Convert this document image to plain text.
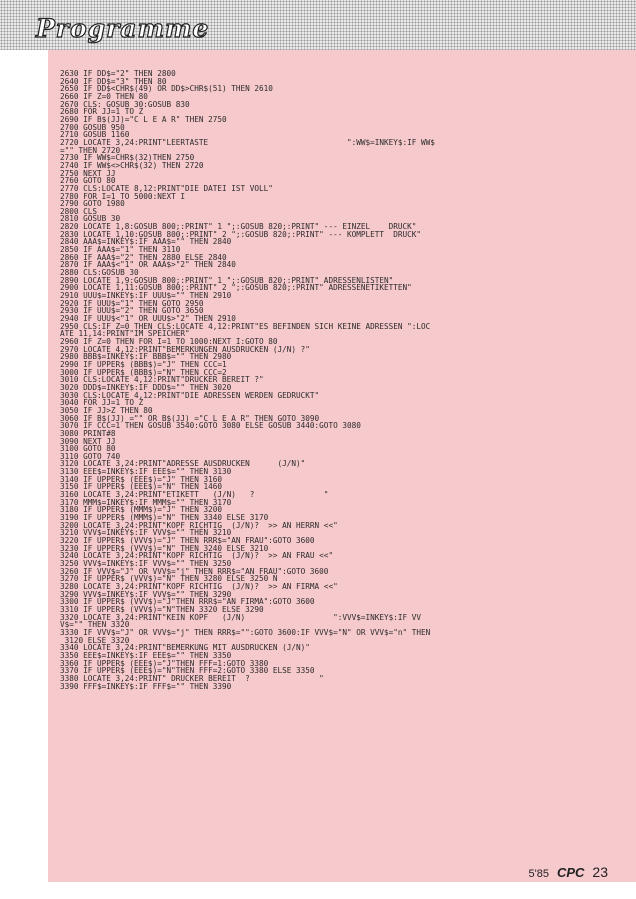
Programme
2630 IF DD$="2" THEN 2800
2640 IF DD$="3" THEN 80
2650 IF DD$<CHR$(49) OR DD$>CHR$(51) THEN 2610
2660 IF Z=0 THEN 80
2670 CLS: GOSUB 30:GOSUB 830
2680 FOR JJ=1 TO Z
2690 IF B$(JJ)="C L E A R" THEN 2750
2700 GOSUB 950
2710 GOSUB 1160
2720 LOCATE 3,24:PRINT"LEERTASTE                              ":WW$=INKEY$:IF WW$
="" THEN 2720
2730 IF WW$=CHR$(32)THEN 2750
2740 IF WW$<>CHR$(32) THEN 2720
2750 NEXT JJ
2760 GOTO 80
2770 CLS:LOCATE 8,12:PRINT"DIE DATEI IST VOLL"
2780 FOR I=1 TO 5000:NEXT I
2790 GOTO 1980
2800 CLS
2810 GOSUB 30
2820 LOCATE 1,8:GOSUB 800;:PRINT" 1 ";:GOSUB 820;:PRINT" --- EINZEL    DRUCK"
2830 LOCATE 1,10:GOSUB 800;:PRINT" 2 ";:GOSUB 820;:PRINT" --- KOMPLETT  DRUCK"
2840 AAA$=INKEY$:IF AAA$="" THEN 2840
2850 IF AAA$="1" THEN 3110
2860 IF AAA$="2" THEN 2880 ELSE 2840
2870 IF AAA$<"1" OR AAA$>"2" THEN 2840
2880 CLS:GOSUB 30
2890 LOCATE 1,9:GOSUB 800;:PRINT" 1 ";:GOSUB 820;:PRINT" ADRESSENLISTEN"
2900 LOCATE 1,11:GOSUB 800;:PRINT" 2 ";:GOSUB 820;:PRINT" ADRESSENETIKETTEN"
2910 UUU$=INKEY$:IF UUU$="" THEN 2910
2920 IF UUU$="1" THEN GOTO 2950
2930 IF UUU$="2" THEN GOTO 3650
2940 IF UUU$<"1" OR UUU$>"2" THEN 2910
2950 CLS:IF Z=0 THEN CLS:LOCATE 4,12:PRINT"ES BEFINDEN SICH KEINE ADRESSEN ":LOC
ATE 11,14:PRINT"IM SPEICHER"
2960 IF Z=0 THEN FOR I=1 TO 1000:NEXT I:GOTO 80
2970 LOCATE 4,12:PRINT"BEMERKUNGEN AUSDRUCKEN (J/N) ?"
2980 BBB$=INKEY$:IF BBB$="" THEN 2980
2990 IF UPPER$ (BBB$)="J" THEN CCC=1
3000 IF UPPER$ (BBB$)="N" THEN CCC=2
3010 CLS:LOCATE 4,12:PRINT"DRUCKER BEREIT ?"
3020 DDD$=INKEY$:IF DDD$="" THEN 3020
3030 CLS:LOCATE 4,12:PRINT"DIE ADRESSEN WERDEN GEDRUCKT"
3040 FOR JJ=1 TO Z
3050 IF JJ>Z THEN 80
3060 IF B$(JJ) ="" OR B$(JJ) ="C L E A R" THEN GOTO 3090
3070 IF CCC=1 THEN GOSUB 3540:GOTO 3080 ELSE GOSUB 3440:GOTO 3080
3080 PRINT#8
3090 NEXT JJ
3100 GOTO 80
3110 GOTO 740
3120 LOCATE 3,24:PRINT"ADRESSE AUSDRUCKEN      (J/N)"
3130 EEE$=INKEY$:IF EEE$="" THEN 3130
3140 IF UPPER$ (EEE$)="J" THEN 3160
3150 IF UPPER$ (EEE$)="N" THEN 1460
3160 LOCATE 3,24:PRINT"ETIKETT   (J/N)   ?               "
3170 MMM$=INKEY$:IF MMM$="" THEN 3170
3180 IF UPPER$ (MMM$)="J" THEN 3200
3190 IF UPPER$ (MMM$)="N" THEN 3340 ELSE 3170
3200 LOCATE 3,24:PRINT"KOPF RICHTIG  (J/N)?  >> AN HERRN <<"
3210 VVV$=INKEY$:IF VVV$="" THEN 3210
3220 IF UPPER$ (VVV$)="J" THEN RRR$="AN FRAU":GOTO 3600
3230 IF UPPER$ (VVV$)="N" THEN 3240 ELSE 3210
3240 LOCATE 3,24:PRINT"KOPF RICHTIG  (J/N)?  >> AN FRAU <<"
3250 VVV$=INKEY$:IF VVV$="" THEN 3250
3260 IF VVV$="J" OR VVV$="j" THEN RRR$="AN FRAU":GOTO 3600
3270 IF UPPER$ (VVV$)="N" THEN 3280 ELSE 3250 N
3280 LOCATE 3,24:PRINT"KOPF RICHTIG  (J/N)?  >> AN FIRMA <<"
3290 VVV$=INKEY$:IF VVV$="" THEN 3290
3300 IF UPPER$ (VVV$)="J"THEN RRR$="AN FIRMA":GOTO 3600
3310 IF UPPER$ (VVV$)="N"THEN 3320 ELSE 3290
3320 LOCATE 3,24:PRINT"KEIN KOPF   (J/N)                   ":VVV$=INKEY$:IF VV
V$="" THEN 3320
3330 IF VVV$="J" OR VVV$="j" THEN RRR$="":GOTO 3600:IF VVV$="N" OR VVV$="n" THEN
3120 ELSE 3320
3340 LOCATE 3,24:PRINT"BEMERKUNG MIT AUSDRUCKEN (J/N)"
3350 EEE$=INKEY$:IF EEE$="" THEN 3350
3360 IF UPPER$ (EEE$)="J"THEN FFF=1:GOTO 3380
3370 IF UPPER$ (EEE$)="N"THEN FFF=2:GOTO 3380 ELSE 3350
3380 LOCATE 3,24:PRINT" DRUCKER BEREIT  ?               "
3390 FFF$=INKEY$:IF FFF$="" THEN 3390
5'85 CPC 23
